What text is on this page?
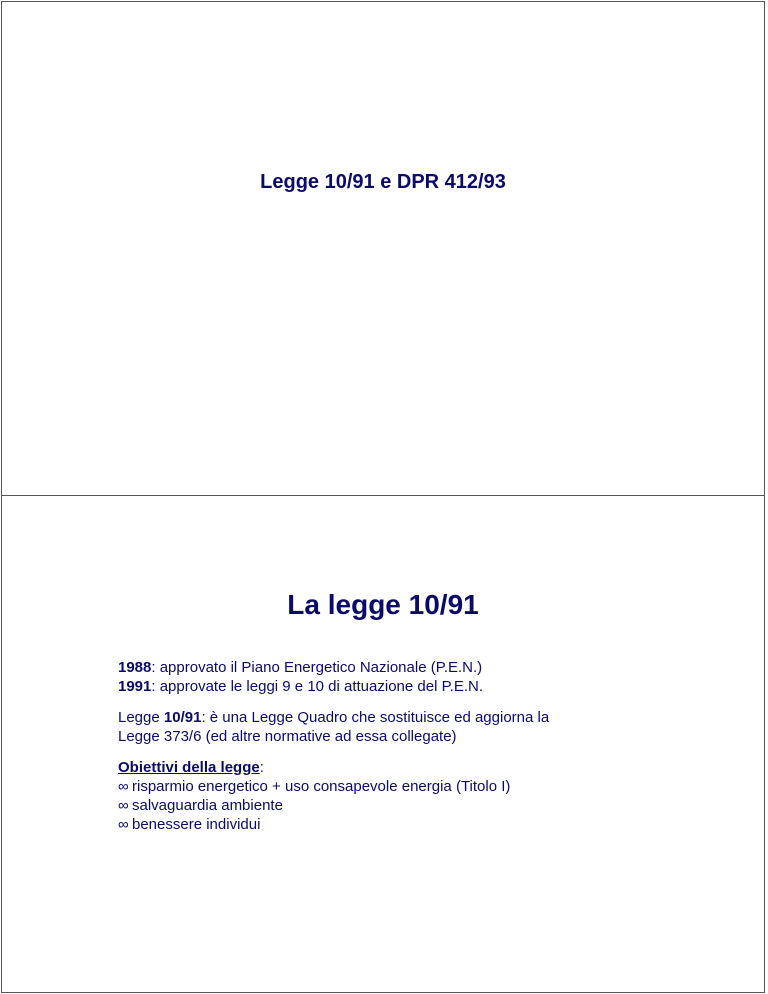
Legge 10/91 e DPR 412/93
La legge 10/91

1988: approvato il Piano Energetico Nazionale (P.E.N.)
1991: approvate le leggi 9 e 10 di attuazione del P.E.N.

Legge 10/91: è una Legge Quadro che sostituisce ed aggiorna la
Legge 373/6 (ed altre normative ad essa collegate)

Obiettivi della legge:
∞ risparmio energetico + uso consapevole energia (Titolo I)
∞ salvaguardia ambiente
∞ benessere individui
